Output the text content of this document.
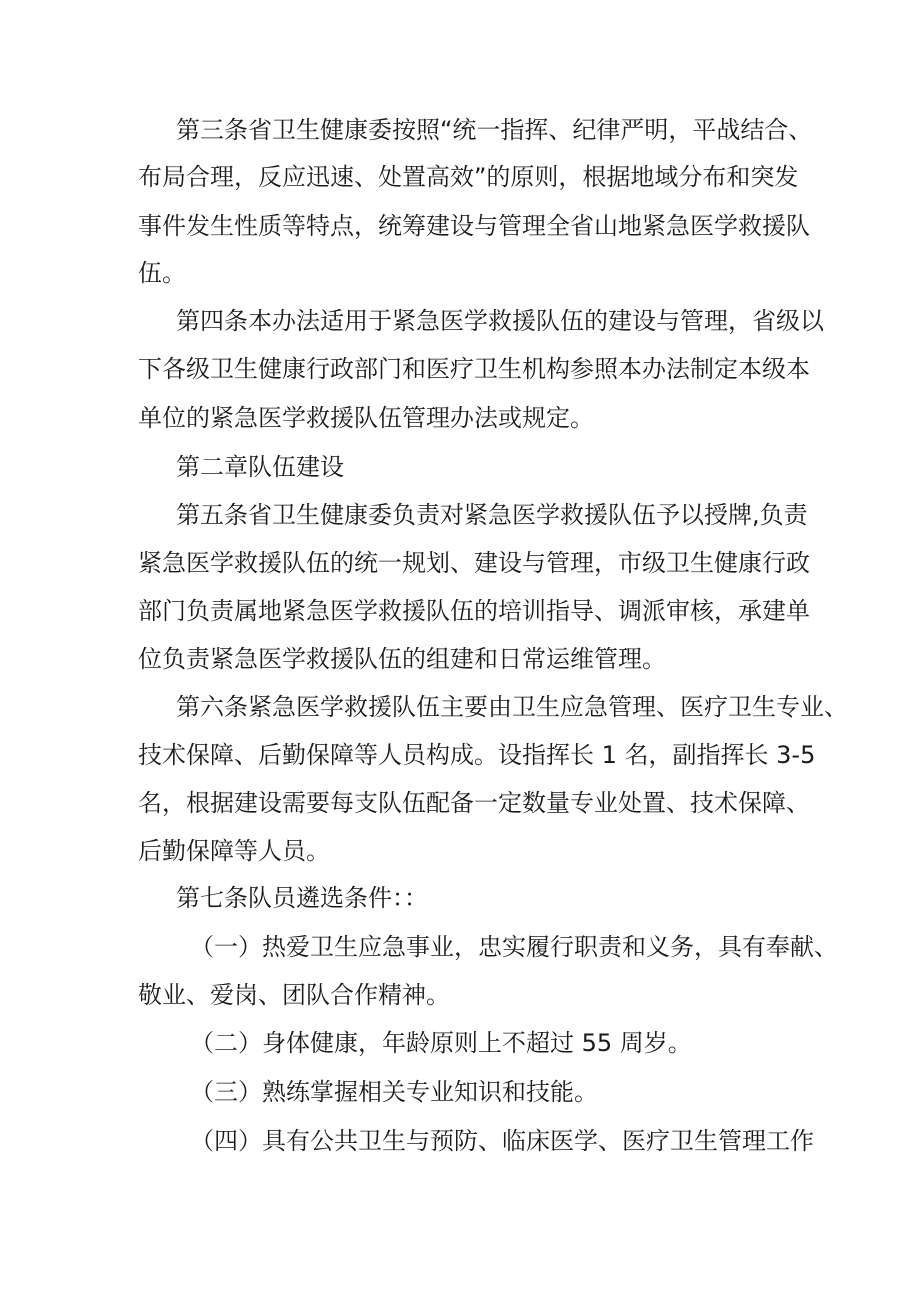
第三条省卫生健康委按照“统一指挥、纪律严明，平战结合、
布局合理，反应迅速、处置高效”的原则，根据地域分布和突发
事件发生性质等特点，统筹建设与管理全省山地紧急医学救援队
伍。
第四条本办法适用于紧急医学救援队伍的建设与管理，省级以
下各级卫生健康行政部门和医疗卫生机构参照本办法制定本级本
单位的紧急医学救援队伍管理办法或规定。
第二章队伍建设
第五条省卫生健康委负责对紧急医学救援队伍予以授牌,负责
紧急医学救援队伍的统一规划、建设与管理，市级卫生健康行政
部门负责属地紧急医学救援队伍的培训指导、调派审核，承建单
位负责紧急医学救援队伍的组建和日常运维管理。
第六条紧急医学救援队伍主要由卫生应急管理、医疗卫生专业、
技术保障、后勤保障等人员构成。设指挥长 1 名，副指挥长 3-5
名，根据建设需要每支队伍配备一定数量专业处置、技术保障、
后勤保障等人员。
第七条队员遴选条件：：
（一）热爱卫生应急事业，忠实履行职责和义务，具有奉献、
敬业、爱岗、团队合作精神。
（二）身体健康，年龄原则上不超过 55 周岁。
（三）熟练掌握相关专业知识和技能。
（四）具有公共卫生与预防、临床医学、医疗卫生管理工作
